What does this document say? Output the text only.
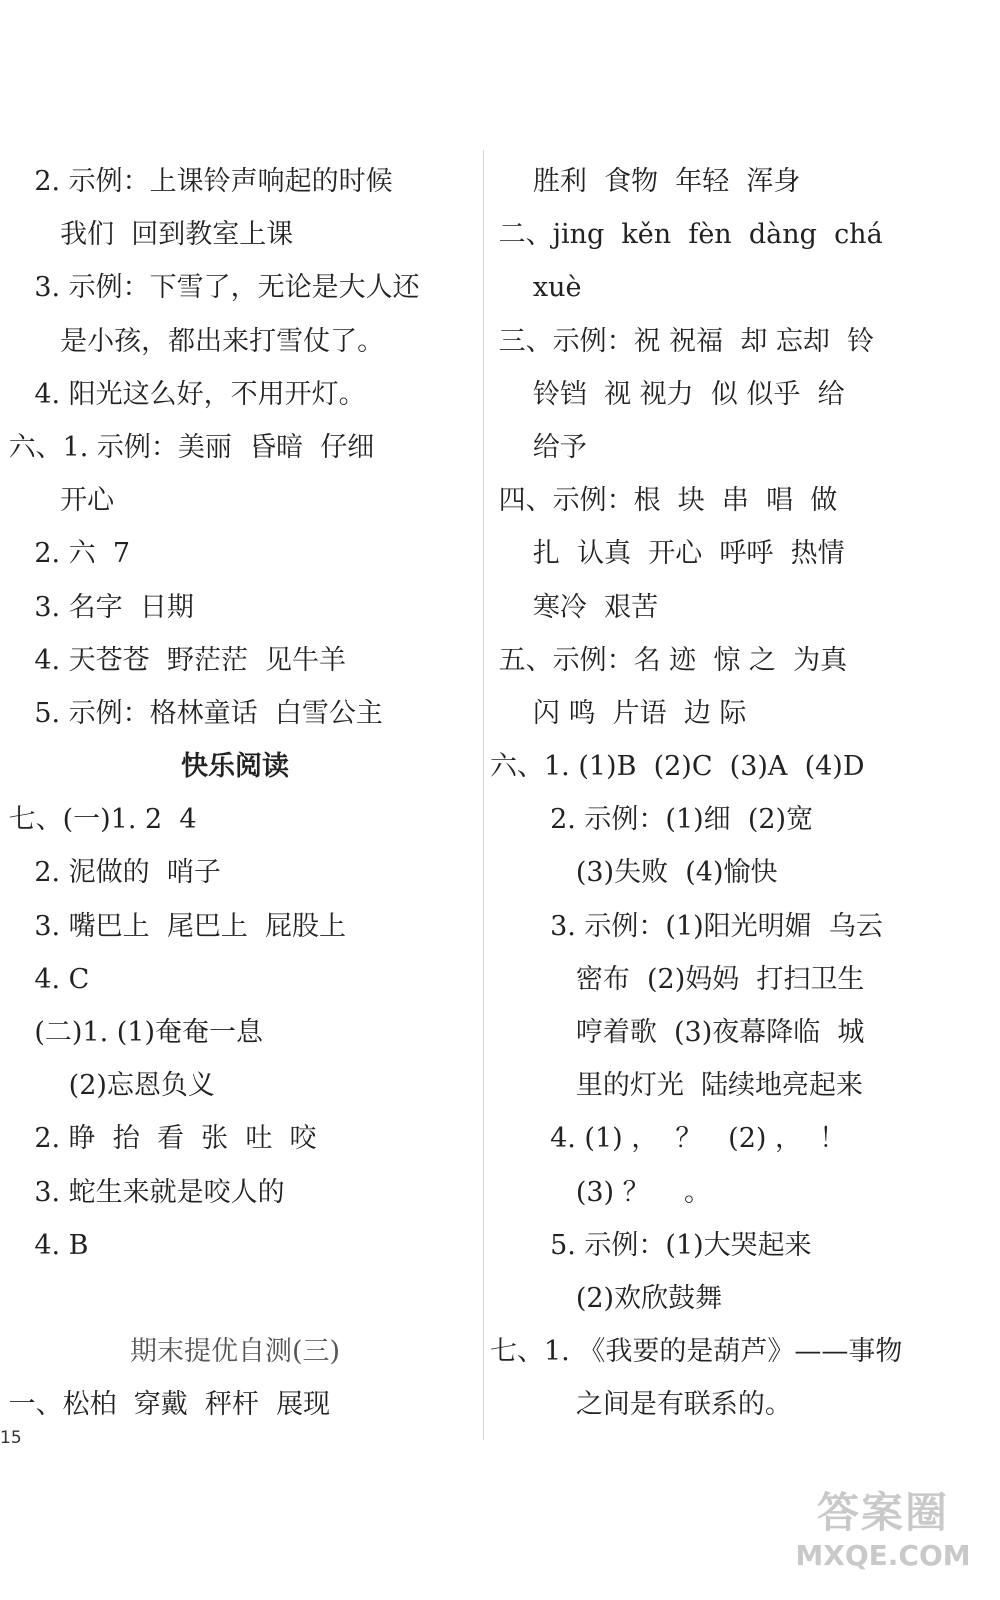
2. 示例：上课铃声响起的时候
我们  回到教室上课
3. 示例：下雪了，无论是大人还
是小孩，都出来打雪仗了。
4. 阳光这么好，不用开灯。
六、1. 示例：美丽  昏暗  仔细
开心
2. 六  7
3. 名字  日期
4. 天苍苍  野茫茫  见牛羊
5. 示例：格林童话  白雪公主
快乐阅读
七、(一)1. 2  4
2. 泥做的  哨子
3. 嘴巴上  尾巴上  屁股上
4. C
(二)1. (1)奄奄一息
(2)忘恩负义
2. 睁  抬  看  张  吐  咬
3. 蛇生来就是咬人的
4. B
期末提优自测(三)
一、松柏  穿戴  秤杆  展现
胜利  食物  年轻  浑身
二、jing  kěn  fèn  dàng  chá
xuè
三、示例：祝 祝福  却 忘却  铃
铃铛  视 视力  似 似乎  给
给予
四、示例：根  块  串  唱  做
扎  认真  开心  呼呼  热情
寒冷  艰苦
五、示例：名 迹  惊 之  为真
闪 鸣  片语  边 际
六、1. (1)B  (2)C  (3)A  (4)D
2. 示例：(1)细  (2)宽
(3)失败  (4)愉快
3. 示例：(1)阳光明媚  乌云
密布  (2)妈妈  打扫卫生
哼着歌  (3)夜幕降临  城
里的灯光  陆续地亮起来
4. (1) ，  ？   (2) ，  ！
(3) ？    。
5. 示例：(1)大哭起来
(2)欢欣鼓舞
七、1. 《我要的是葫芦》——事物
之间是有联系的。
15
答案圈
MXQE.COM
